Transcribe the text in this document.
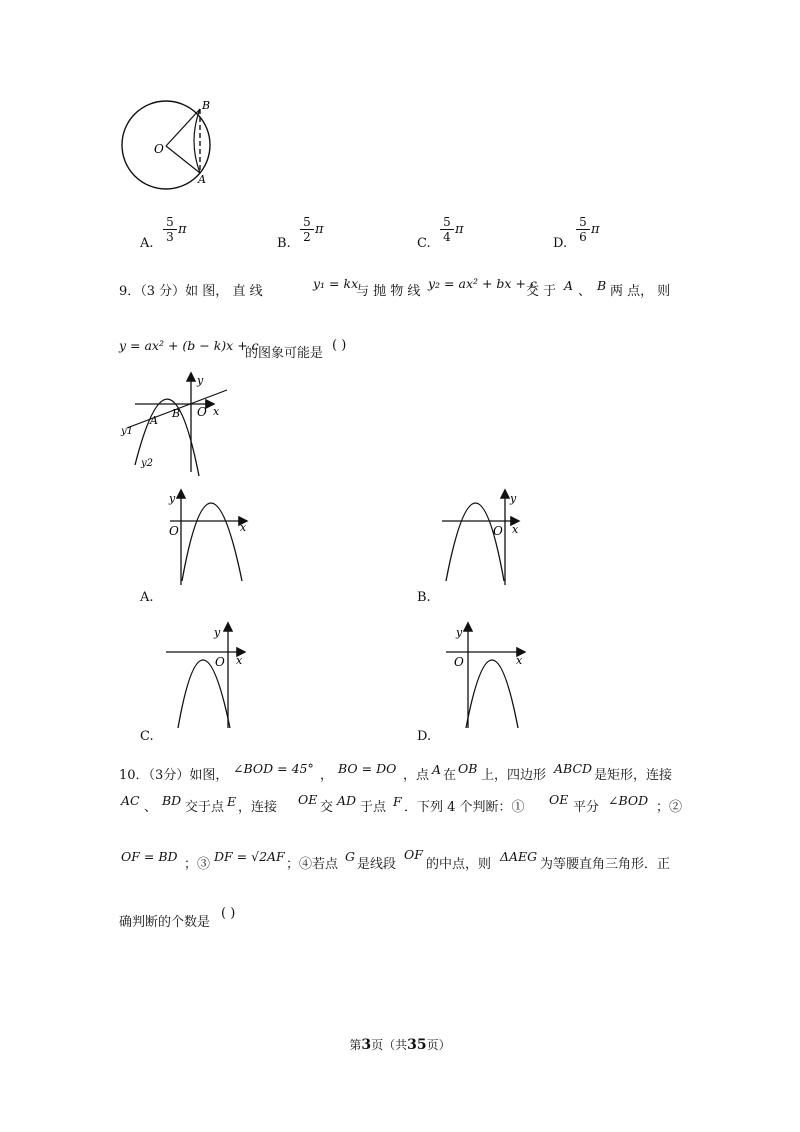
O
B
A
A. $\frac{5}{3}$ π
B. $\frac{5}{2}$ π
C. $\frac{5}{4}$ π
D. $\frac{5}{6}$ π
9．（3 分）如 图， 直 线
y₁ = kx
与 抛 物 线
y₂ = ax² + bx + c
交 于 A 、 B 两 点， 则
y = ax² + (b − k)x + c
的图象可能是
( )
y
O x
A
B
y1
y2
y
O	x
A.
y
O x
B.
y
O x
C.
y
O	x
D.
10．（3分）如图， ∠BOD = 45° ， BO = DO ，点 A 在 OB 上，四边形 ABCD 是矩形，连接
AC 、 BD 交于点 E ，连接
OE
交 AD 于点 F ．下列 4 个判断：①
OE
平分 ∠BOD ；②
OF = BD
；③
DF = √2AF
；④若点
G
是线段
OF
的中点，则
ΔAEG
为等腰直角三角形．正
确判断的个数是
( )
第3页（共35页）
